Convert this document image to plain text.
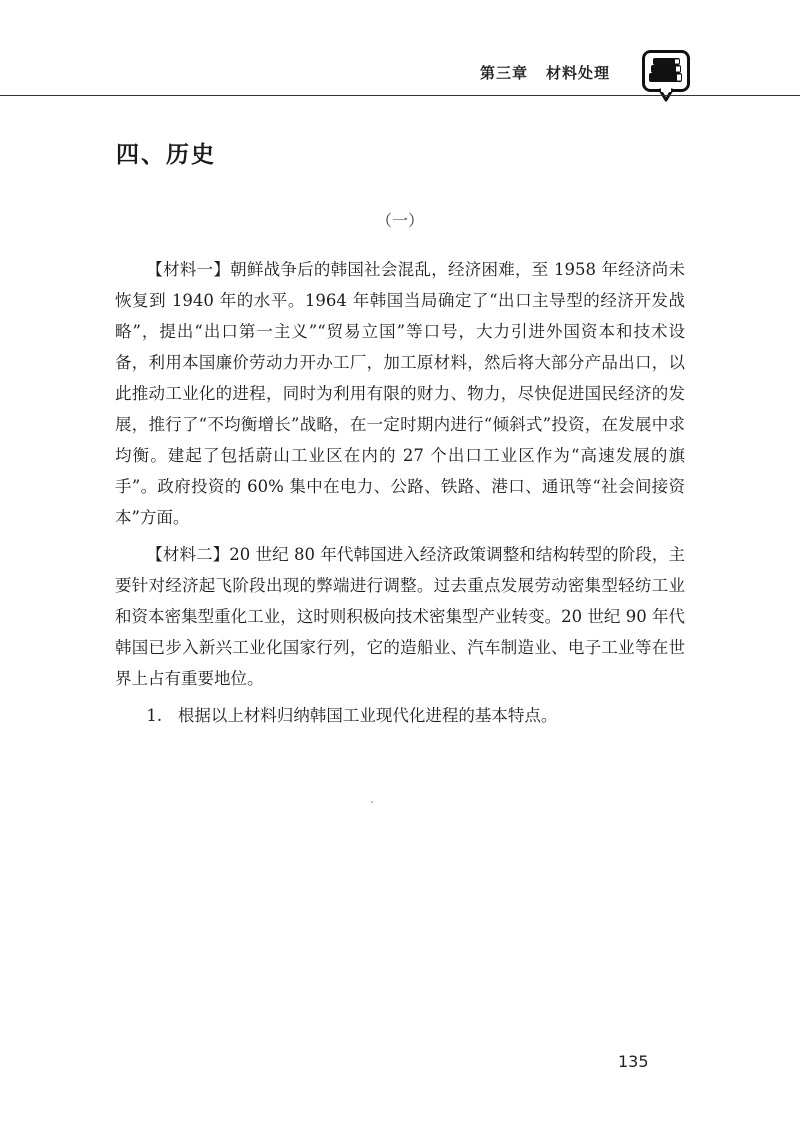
第三章 材料处理
四、历史
（一）

【材料一】朝鲜战争后的韩国社会混乱，经济困难，至 1958 年经济尚未恢复到 1940 年的水平。1964 年韩国当局确定了“出口主导型的经济开发战略”，提出“出口第一主义”“贸易立国”等口号，大力引进外国资本和技术设备，利用本国廉价劳动力开办工厂，加工原材料，然后将大部分产品出口，以此推动工业化的进程，同时为利用有限的财力、物力，尽快促进国民经济的发展，推行了“不均衡增长”战略，在一定时期内进行“倾斜式”投资，在发展中求均衡。建起了包括蔚山工业区在内的 27 个出口工业区作为“高速发展的旗手”。政府投资的 60% 集中在电力、公路、铁路、港口、通讯等“社会间接资本”方面。

【材料二】20 世纪 80 年代韩国进入经济政策调整和结构转型的阶段，主要针对经济起飞阶段出现的弊端进行调整。过去重点发展劳动密集型轻纺工业和资本密集型重化工业，这时则积极向技术密集型产业转变。20 世纪 90 年代韩国已步入新兴工业化国家行列，它的造船业、汽车制造业、电子工业等在世界上占有重要地位。

1. 根据以上材料归纳韩国工业现代化进程的基本特点。

135
